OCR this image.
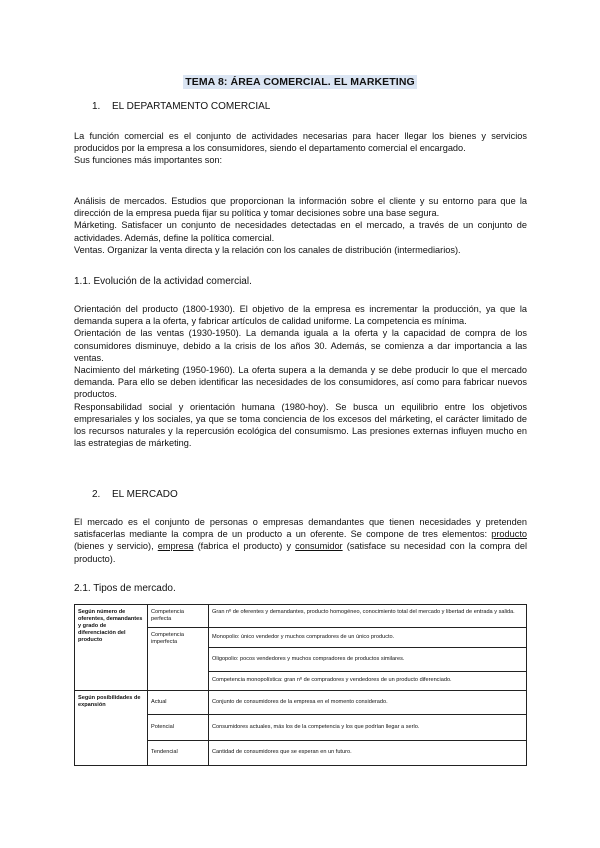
TEMA 8: ÁREA COMERCIAL. EL MARKETING
1. EL DEPARTAMENTO COMERCIAL

La función comercial es el conjunto de actividades necesarias para hacer llegar los bienes y servicios producidos por la empresa a los consumidores, siendo el departamento comercial el encargado.

Sus funciones más importantes son:

Análisis de mercados. Estudios que proporcionan la información sobre el cliente y su entorno para que la dirección de la empresa pueda fijar su política y tomar decisiones sobre una base segura.

Márketing. Satisfacer un conjunto de necesidades detectadas en el mercado, a través de un conjunto de actividades. Además, define la política comercial.

Ventas. Organizar la venta directa y la relación con los canales de distribución (intermediarios).

1.1. Evolución de la actividad comercial.

Orientación del producto (1800-1930). El objetivo de la empresa es incrementar la producción, ya que la demanda supera a la oferta, y fabricar artículos de calidad uniforme. La competencia es mínima.

Orientación de las ventas (1930-1950). La demanda iguala a la oferta y la capacidad de compra de los consumidores disminuye, debido a la crisis de los años 30. Además, se comienza a dar importancia a las ventas.

Nacimiento del márketing (1950-1960). La oferta supera a la demanda y se debe producir lo que el mercado demanda. Para ello se deben identificar las necesidades de los consumidores, así como para fabricar nuevos productos.

Responsabilidad social y orientación humana (1980-hoy). Se busca un equilibrio entre los objetivos empresariales y los sociales, ya que se toma conciencia de los excesos del márketing, el carácter limitado de los recursos naturales y la repercusión ecológica del consumismo. Las presiones externas influyen mucho en las estrategias de márketing.

2. EL MERCADO

El mercado es el conjunto de personas o empresas demandantes que tienen necesidades y pretenden satisfacerlas mediante la compra de un producto a un oferente. Se compone de tres elementos: producto (bienes y servicio), empresa (fabrica el producto) y consumidor (satisface su necesidad con la compra del producto).

2.1. Tipos de mercado.
Según número de oferentes, demandantes y grado de diferenciación del producto	Competencia perfecta	Gran nº de oferentes y demandantes, producto homogéneo, conocimiento total del mercado y libertad de entrada y salida.
	Competencia imperfecta	Monopolio: único vendedor y muchos compradores de un único producto.
		Oligopolio: pocos vendedores y muchos compradores de productos similares.
		Competencia monopolística: gran nº de compradores y vendedores de un producto diferenciado.
Según posibilidades de expansión	Actual	Conjunto de consumidores de la empresa en el momento considerado.
	Potencial	Consumidores actuales, más los de la competencia y los que podrían llegar a serlo.
	Tendencial	Cantidad de consumidores que se esperan en un futuro.
